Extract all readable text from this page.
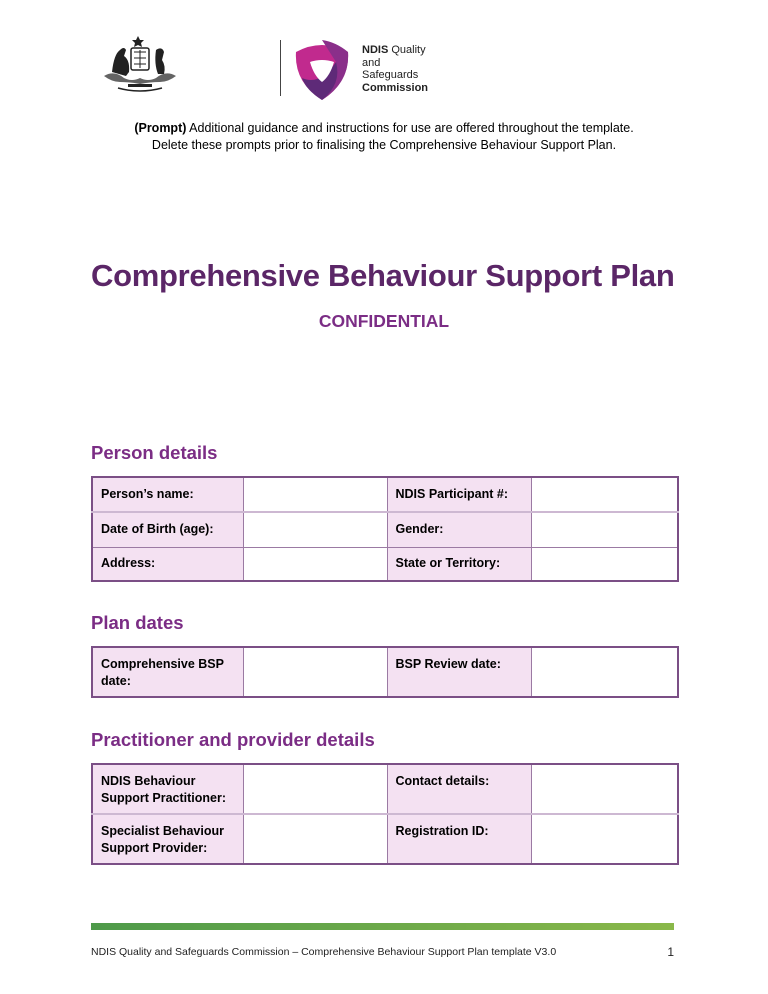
NDIS Quality
and Safeguards
Commission
(Prompt) Additional guidance and instructions for use are offered throughout the template.
Delete these prompts prior to finalising the Comprehensive Behaviour Support Plan.
Comprehensive Behaviour Support Plan
CONFIDENTIAL
Person details
Person’s name:		NDIS Participant #:	
Date of Birth (age):		Gender:	
Address:		State or Territory:	
Plan dates
Comprehensive BSP date:		BSP Review date:	
Practitioner and provider details
NDIS Behaviour Support Practitioner:		Contact details:	
Specialist Behaviour Support Provider:		Registration ID:	
NDIS Quality and Safeguards Commission – Comprehensive Behaviour Support Plan template V3.0	1
